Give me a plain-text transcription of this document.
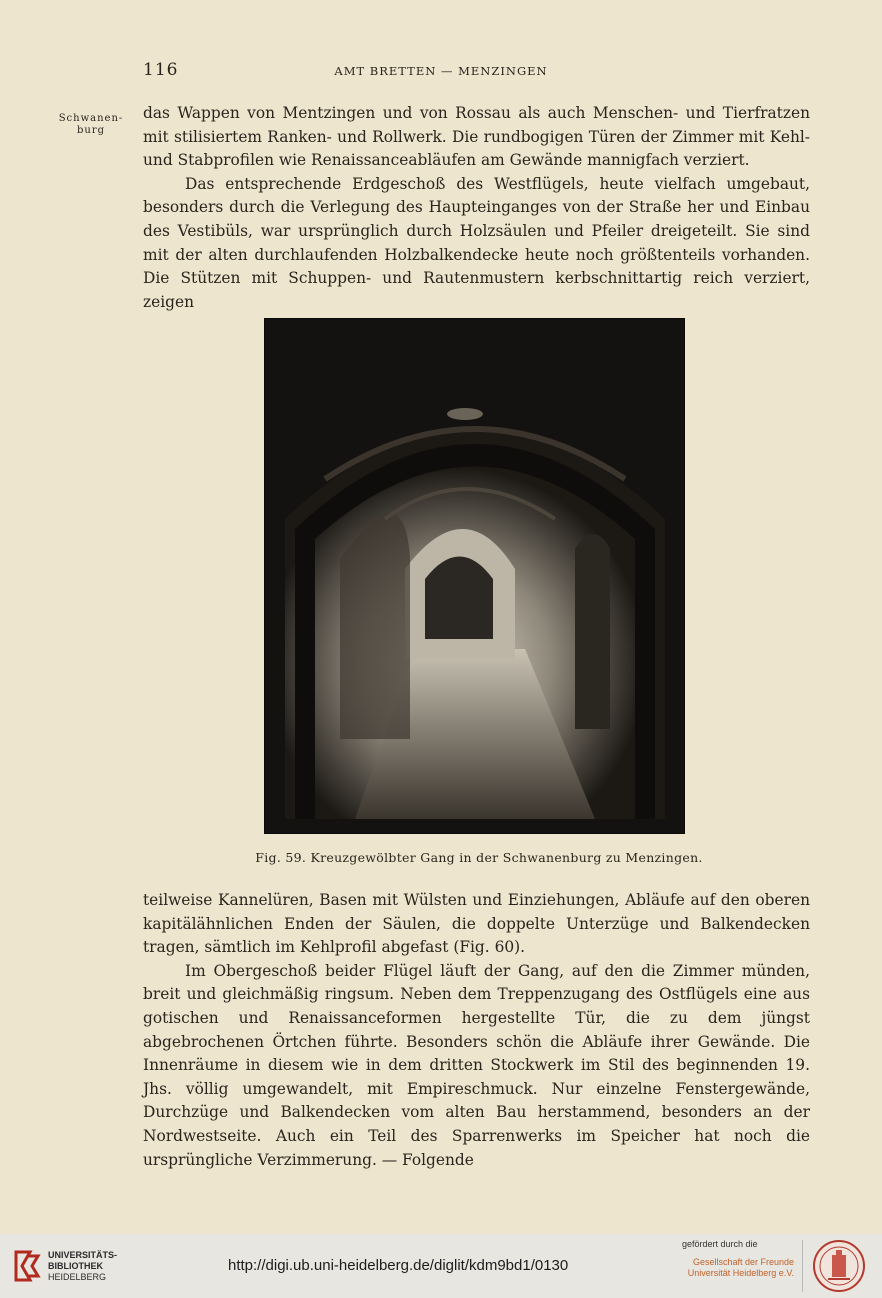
116	AMT BRETTEN — MENZINGEN
Schwanen-
burg

das Wappen von Mentzingen und von Rossau als auch Menschen- und Tierfratzen mit stilisiertem Ranken- und Rollwerk. Die rundbogigen Türen der Zimmer mit Kehl- und Stabprofilen wie Renaissanceabläufen am Gewände mannigfach verziert.

Das entsprechende Erdgeschoß des Westflügels, heute vielfach umgebaut, besonders durch die Verlegung des Haupteinganges von der Straße her und Einbau des Vestibüls, war ursprünglich durch Holzsäulen und Pfeiler dreigeteilt. Sie sind mit der alten durchlaufenden Holzbalkendecke heute noch größtenteils vorhanden. Die Stützen mit Schuppen- und Rautenmustern kerbschnittartig reich verziert, zeigen

Fig. 59. Kreuzgewölbter Gang in der Schwanenburg zu Menzingen.

teilweise Kannelüren, Basen mit Wülsten und Einziehungen, Abläufe auf den oberen kapitälähnlichen Enden der Säulen, die doppelte Unterzüge und Balkendecken tragen, sämtlich im Kehlprofil abgefast (Fig. 60).

Im Obergeschoß beider Flügel läuft der Gang, auf den die Zimmer münden, breit und gleichmäßig ringsum. Neben dem Treppenzugang des Ostflügels eine aus gotischen und Renaissanceformen hergestellte Tür, die zu dem jüngst abgebrochenen Örtchen führte. Besonders schön die Abläufe ihrer Gewände. Die Innenräume in diesem wie in dem dritten Stockwerk im Stil des beginnenden 19. Jhs. völlig umgewandelt, mit Empireschmuck. Nur einzelne Fenstergewände, Durchzüge und Balkendecken vom alten Bau herstammend, besonders an der Nordwestseite. Auch ein Teil des Sparrenwerks im Speicher hat noch die ursprüngliche Verzimmerung. — Folgende

UNIVERSITÄTS-
BIBLIOTHEK
HEIDELBERG
http://digi.ub.uni-heidelberg.de/diglit/kdm9bd1/0130
gefördert durch die
Gesellschaft der Freunde
Universität Heidelberg e.V.
